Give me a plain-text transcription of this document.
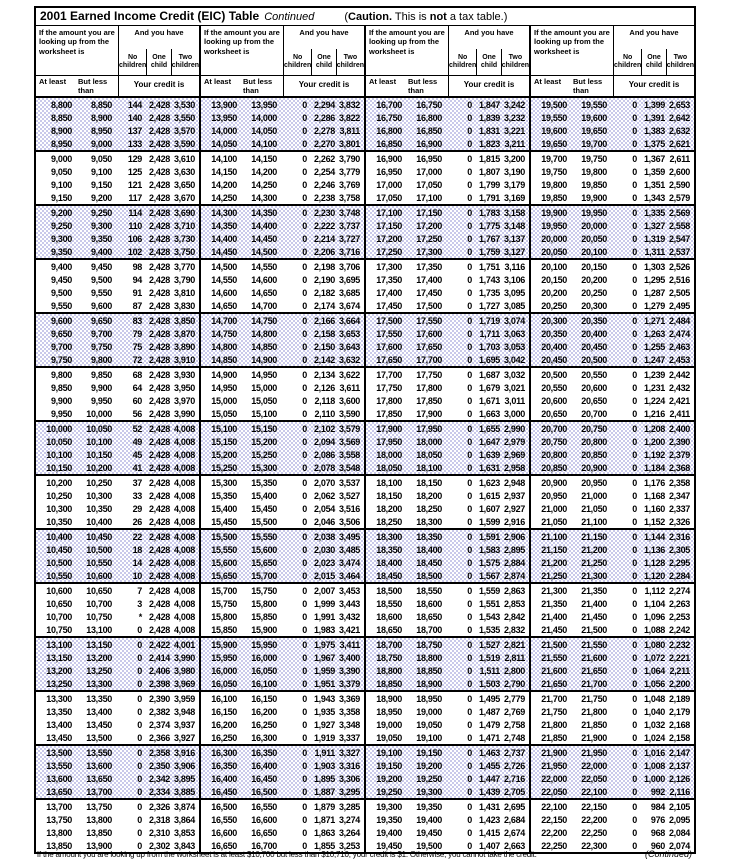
2001 Earned Income Credit (EIC) Table Continued	(Caution. This is not a tax table.)
If the amount you are looking up from the worksheet is
And you have
No children
One child
Two children
At least	But less than
Your credit is
8,800	8,850	144 2,428 3,530
8,850	8,900	140 2,428 3,550
8,900	8,950	137 2,428 3,570
8,950	9,000	133 2,428 3,590
9,000	9,050	129 2,428 3,610
9,050	9,100	125 2,428 3,630
9,100	9,150	121 2,428 3,650
9,150	9,200	117 2,428 3,670
9,200	9,250	114 2,428 3,690
9,250	9,300	110 2,428 3,710
9,300	9,350	106 2,428 3,730
9,350	9,400	102 2,428 3,750
9,400	9,450	98 2,428 3,770
9,450	9,500	94 2,428 3,790
9,500	9,550	91 2,428 3,810
9,550	9,600	87 2,428 3,830
9,600	9,650	83 2,428 3,850
9,650	9,700	79 2,428 3,870
9,700	9,750	75 2,428 3,890
9,750	9,800	72 2,428 3,910
9,800	9,850	68 2,428 3,930
9,850	9,900	64 2,428 3,950
9,900	9,950	60 2,428 3,970
9,950	10,000	56 2,428 3,990
10,000	10,050	52 2,428 4,008
10,050	10,100	49 2,428 4,008
10,100	10,150	45 2,428 4,008
10,150	10,200	41 2,428 4,008
10,200	10,250	37 2,428 4,008
10,250	10,300	33 2,428 4,008
10,300	10,350	29 2,428 4,008
10,350	10,400	26 2,428 4,008
10,400	10,450	22 2,428 4,008
10,450	10,500	18 2,428 4,008
10,500	10,550	14 2,428 4,008
10,550	10,600	10 2,428 4,008
10,600	10,650	7 2,428 4,008
10,650	10,700	3 2,428 4,008
10,700	10,750	* 2,428 4,008
10,750	13,100	0 2,428 4,008
13,100	13,150	0 2,422 4,001
13,150	13,200	0 2,414 3,990
13,200	13,250	0 2,406 3,980
13,250	13,300	0 2,398 3,969
13,300	13,350	0 2,390 3,959
13,350	13,400	0 2,382 3,948
13,400	13,450	0 2,374 3,937
13,450	13,500	0 2,366 3,927
13,500	13,550	0 2,358 3,916
13,550	13,600	0 2,350 3,906
13,600	13,650	0 2,342 3,895
13,650	13,700	0 2,334 3,885
13,700	13,750	0 2,326 3,874
13,750	13,800	0 2,318 3,864
13,800	13,850	0 2,310 3,853
13,850	13,900	0 2,302 3,843
If the amount you are looking up from the worksheet is
And you have
No children
One child
Two children
At least	But less than
Your credit is
13,900	13,950	0 2,294 3,832
13,950	14,000	0 2,286 3,822
14,000	14,050	0 2,278 3,811
14,050	14,100	0 2,270 3,801
14,100	14,150	0 2,262 3,790
14,150	14,200	0 2,254 3,779
14,200	14,250	0 2,246 3,769
14,250	14,300	0 2,238 3,758
14,300	14,350	0 2,230 3,748
14,350	14,400	0 2,222 3,737
14,400	14,450	0 2,214 3,727
14,450	14,500	0 2,206 3,716
14,500	14,550	0 2,198 3,706
14,550	14,600	0 2,190 3,695
14,600	14,650	0 2,182 3,685
14,650	14,700	0 2,174 3,674
14,700	14,750	0 2,166 3,664
14,750	14,800	0 2,158 3,653
14,800	14,850	0 2,150 3,643
14,850	14,900	0 2,142 3,632
14,900	14,950	0 2,134 3,622
14,950	15,000	0 2,126 3,611
15,000	15,050	0 2,118 3,600
15,050	15,100	0 2,110 3,590
15,100	15,150	0 2,102 3,579
15,150	15,200	0 2,094 3,569
15,200	15,250	0 2,086 3,558
15,250	15,300	0 2,078 3,548
15,300	15,350	0 2,070 3,537
15,350	15,400	0 2,062 3,527
15,400	15,450	0 2,054 3,516
15,450	15,500	0 2,046 3,506
15,500	15,550	0 2,038 3,495
15,550	15,600	0 2,030 3,485
15,600	15,650	0 2,023 3,474
15,650	15,700	0 2,015 3,464
15,700	15,750	0 2,007 3,453
15,750	15,800	0 1,999 3,443
15,800	15,850	0 1,991 3,432
15,850	15,900	0 1,983 3,421
15,900	15,950	0 1,975 3,411
15,950	16,000	0 1,967 3,400
16,000	16,050	0 1,959 3,390
16,050	16,100	0 1,951 3,379
16,100	16,150	0 1,943 3,369
16,150	16,200	0 1,935 3,358
16,200	16,250	0 1,927 3,348
16,250	16,300	0 1,919 3,337
16,300	16,350	0 1,911 3,327
16,350	16,400	0 1,903 3,316
16,400	16,450	0 1,895 3,306
16,450	16,500	0 1,887 3,295
16,500	16,550	0 1,879 3,285
16,550	16,600	0 1,871 3,274
16,600	16,650	0 1,863 3,264
16,650	16,700	0 1,855 3,253
If the amount you are looking up from the worksheet is
And you have
No children
One child
Two children
At least	But less than
Your credit is
16,700	16,750	0 1,847 3,242
16,750	16,800	0 1,839 3,232
16,800	16,850	0 1,831 3,221
16,850	16,900	0 1,823 3,211
16,900	16,950	0 1,815 3,200
16,950	17,000	0 1,807 3,190
17,000	17,050	0 1,799 3,179
17,050	17,100	0 1,791 3,169
17,100	17,150	0 1,783 3,158
17,150	17,200	0 1,775 3,148
17,200	17,250	0 1,767 3,137
17,250	17,300	0 1,759 3,127
17,300	17,350	0 1,751 3,116
17,350	17,400	0 1,743 3,106
17,400	17,450	0 1,735 3,095
17,450	17,500	0 1,727 3,085
17,500	17,550	0 1,719 3,074
17,550	17,600	0 1,711 3,063
17,600	17,650	0 1,703 3,053
17,650	17,700	0 1,695 3,042
17,700	17,750	0 1,687 3,032
17,750	17,800	0 1,679 3,021
17,800	17,850	0 1,671 3,011
17,850	17,900	0 1,663 3,000
17,900	17,950	0 1,655 2,990
17,950	18,000	0 1,647 2,979
18,000	18,050	0 1,639 2,969
18,050	18,100	0 1,631 2,958
18,100	18,150	0 1,623 2,948
18,150	18,200	0 1,615 2,937
18,200	18,250	0 1,607 2,927
18,250	18,300	0 1,599 2,916
18,300	18,350	0 1,591 2,906
18,350	18,400	0 1,583 2,895
18,400	18,450	0 1,575 2,884
18,450	18,500	0 1,567 2,874
18,500	18,550	0 1,559 2,863
18,550	18,600	0 1,551 2,853
18,600	18,650	0 1,543 2,842
18,650	18,700	0 1,535 2,832
18,700	18,750	0 1,527 2,821
18,750	18,800	0 1,519 2,811
18,800	18,850	0 1,511 2,800
18,850	18,900	0 1,503 2,790
18,900	18,950	0 1,495 2,779
18,950	19,000	0 1,487 2,769
19,000	19,050	0 1,479 2,758
19,050	19,100	0 1,471 2,748
19,100	19,150	0 1,463 2,737
19,150	19,200	0 1,455 2,726
19,200	19,250	0 1,447 2,716
19,250	19,300	0 1,439 2,705
19,300	19,350	0 1,431 2,695
19,350	19,400	0 1,423 2,684
19,400	19,450	0 1,415 2,674
19,450	19,500	0 1,407 2,663
If the amount you are looking up from the worksheet is
And you have
No children
One child
Two children
At least	But less than
Your credit is
19,500	19,550	0 1,399 2,653
19,550	19,600	0 1,391 2,642
19,600	19,650	0 1,383 2,632
19,650	19,700	0 1,375 2,621
19,700	19,750	0 1,367 2,611
19,750	19,800	0 1,359 2,600
19,800	19,850	0 1,351 2,590
19,850	19,900	0 1,343 2,579
19,900	19,950	0 1,335 2,569
19,950	20,000	0 1,327 2,558
20,000	20,050	0 1,319 2,547
20,050	20,100	0 1,311 2,537
20,100	20,150	0 1,303 2,526
20,150	20,200	0 1,295 2,516
20,200	20,250	0 1,287 2,505
20,250	20,300	0 1,279 2,495
20,300	20,350	0 1,271 2,484
20,350	20,400	0 1,263 2,474
20,400	20,450	0 1,255 2,463
20,450	20,500	0 1,247 2,453
20,500	20,550	0 1,239 2,442
20,550	20,600	0 1,231 2,432
20,600	20,650	0 1,224 2,421
20,650	20,700	0 1,216 2,411
20,700	20,750	0 1,208 2,400
20,750	20,800	0 1,200 2,390
20,800	20,850	0 1,192 2,379
20,850	20,900	0 1,184 2,368
20,900	20,950	0 1,176 2,358
20,950	21,000	0 1,168 2,347
21,000	21,050	0 1,160 2,337
21,050	21,100	0 1,152 2,326
21,100	21,150	0 1,144 2,316
21,150	21,200	0 1,136 2,305
21,200	21,250	0 1,128 2,295
21,250	21,300	0 1,120 2,284
21,300	21,350	0 1,112 2,274
21,350	21,400	0 1,104 2,263
21,400	21,450	0 1,096 2,253
21,450	21,500	0 1,088 2,242
21,500	21,550	0 1,080 2,232
21,550	21,600	0 1,072 2,221
21,600	21,650	0 1,064 2,211
21,650	21,700	0 1,056 2,200
21,700	21,750	0 1,048 2,189
21,750	21,800	0 1,040 2,179
21,800	21,850	0 1,032 2,168
21,850	21,900	0 1,024 2,158
21,900	21,950	0 1,016 2,147
21,950	22,000	0 1,008 2,137
22,000	22,050	0 1,000 2,126
22,050	22,100	0	992 2,116
22,100	22,150	0	984 2,105
22,150	22,200	0	976 2,095
22,200	22,250	0	968 2,084
22,250	22,300	0	960 2,074
*If the amount you are looking up from the worksheet is at least $10,700 but less than $10,710, your credit is $1. Otherwise, you cannot take the credit.	(Continued)
